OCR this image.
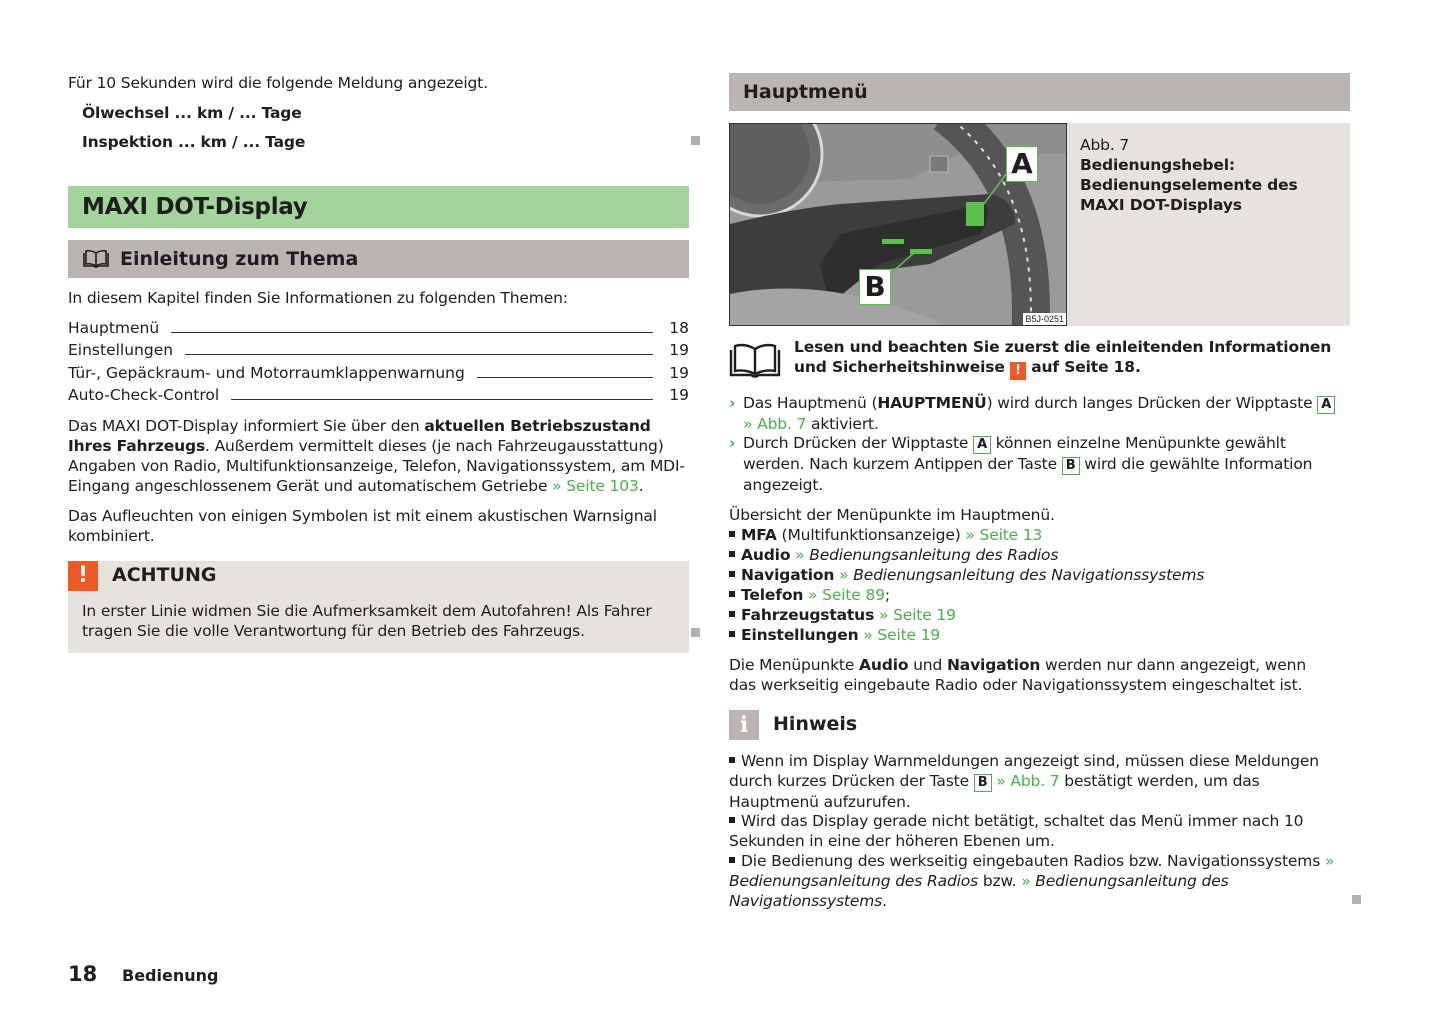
Für 10 Sekunden wird die folgende Meldung angezeigt.
Ölwechsel ... km / ... Tage
Inspektion ... km / ... Tage
MAXI DOT-Display
Einleitung zum Thema
In diesem Kapitel finden Sie Informationen zu folgenden Themen:
Hauptmenü	18
Einstellungen	19
Tür-, Gepäckraum- und Motorraumklappenwarnung	19
Auto-Check-Control	19
Das MAXI DOT-Display informiert Sie über den aktuellen Betriebszustand Ihres Fahrzeugs. Außerdem vermittelt dieses (je nach Fahrzeugausstattung) Angaben von Radio, Multifunktionsanzeige, Telefon, Navigationssystem, am MDI-Eingang angeschlossenem Gerät und automatischem Getriebe » Seite 103.
Das Aufleuchten von einigen Symbolen ist mit einem akustischen Warnsignal kombiniert.
!	ACHTUNG
In erster Linie widmen Sie die Aufmerksamkeit dem Autofahren! Als Fahrer tragen Sie die volle Verantwortung für den Betrieb des Fahrzeugs.
Hauptmenü
A
B
B5J-0251
Abb. 7
Bedienungshebel: Bedienungselemente des MAXI DOT-Displays
Lesen und beachten Sie zuerst die einleitenden Informationen und Sicherheitshinweise ! auf Seite 18.
› Das Hauptmenü (HAUPTMENÜ) wird durch langes Drücken der Wipptaste A
» Abb. 7 aktiviert.
› Durch Drücken der Wipptaste A können einzelne Menüpunkte gewählt werden. Nach kurzem Antippen der Taste B wird die gewählte Information angezeigt.
Übersicht der Menüpunkte im Hauptmenü.
MFA (Multifunktionsanzeige) » Seite 13
Audio » Bedienungsanleitung des Radios
Navigation » Bedienungsanleitung des Navigationssystems
Telefon » Seite 89;
Fahrzeugstatus » Seite 19
Einstellungen » Seite 19
Die Menüpunkte Audio und Navigation werden nur dann angezeigt, wenn das werkseitig eingebaute Radio oder Navigationssystem eingeschaltet ist.
i	Hinweis
Wenn im Display Warnmeldungen angezeigt sind, müssen diese Meldungen durch kurzes Drücken der Taste B » Abb. 7 bestätigt werden, um das Hauptmenü aufzurufen.
Wird das Display gerade nicht betätigt, schaltet das Menü immer nach 10 Sekunden in eine der höheren Ebenen um.
Die Bedienung des werkseitig eingebauten Radios bzw. Navigationssystems » Bedienungsanleitung des Radios bzw. » Bedienungsanleitung des Navigationssystems.
18 Bedienung
